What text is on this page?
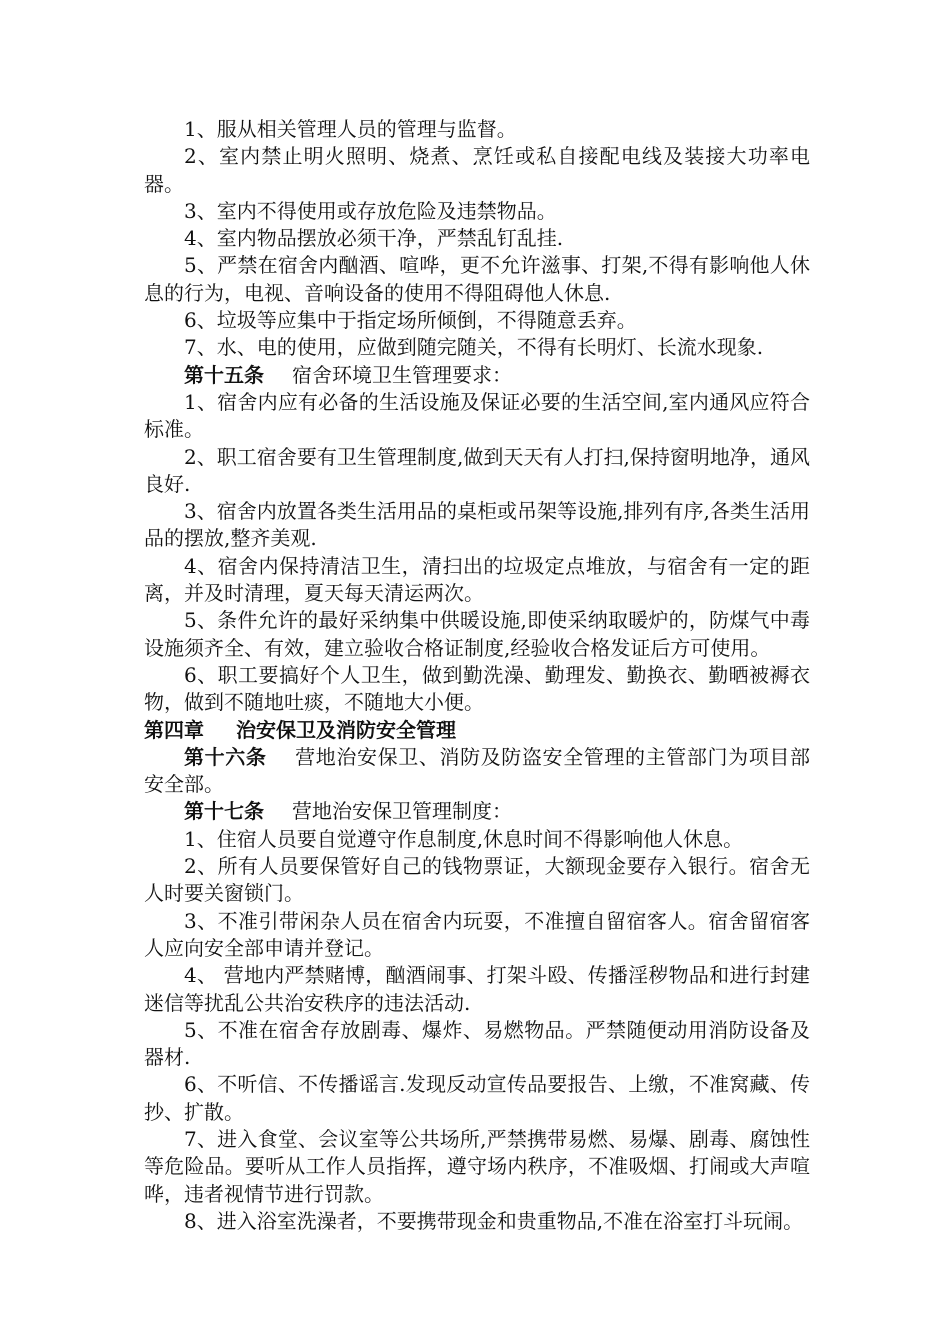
1、服从相关管理人员的管理与监督。

2、室内禁止明火照明、烧煮、烹饪或私自接配电线及装接大功率电器。

3、室内不得使用或存放危险及违禁物品。

4、室内物品摆放必须干净，严禁乱钉乱挂.

5、严禁在宿舍内酗酒、喧哗，更不允许滋事、打架,不得有影响他人休息的行为，电视、音响设备的使用不得阻碍他人休息.

6、垃圾等应集中于指定场所倾倒，不得随意丢弃。

7、水、电的使用，应做到随完随关，不得有长明灯、长流水现象.

第十五条 宿舍环境卫生管理要求：

1、宿舍内应有必备的生活设施及保证必要的生活空间,室内通风应符合标准。

2、职工宿舍要有卫生管理制度,做到天天有人打扫,保持窗明地净，通风良好.

3、宿舍内放置各类生活用品的桌柜或吊架等设施,排列有序,各类生活用品的摆放,整齐美观.

4、宿舍内保持清洁卫生，清扫出的垃圾定点堆放，与宿舍有一定的距离，并及时清理，夏天每天清运两次。

5、条件允许的最好采纳集中供暖设施,即使采纳取暖炉的，防煤气中毒设施须齐全、有效，建立验收合格证制度,经验收合格发证后方可使用。

6、职工要搞好个人卫生，做到勤洗澡、勤理发、勤换衣、勤晒被褥衣物，做到不随地吐痰，不随地大小便。

第四章 治安保卫及消防安全管理

第十六条 营地治安保卫、消防及防盗安全管理的主管部门为项目部安全部。

第十七条 营地治安保卫管理制度：

1、住宿人员要自觉遵守作息制度,休息时间不得影响他人休息。

2、所有人员要保管好自己的钱物票证，大额现金要存入银行。宿舍无人时要关窗锁门。

3、不准引带闲杂人员在宿舍内玩耍，不准擅自留宿客人。宿舍留宿客人应向安全部申请并登记。

4、 营地内严禁赌博，酗酒闹事、打架斗殴、传播淫秽物品和进行封建迷信等扰乱公共治安秩序的违法活动.

5、不准在宿舍存放剧毒、爆炸、易燃物品。严禁随便动用消防设备及器材.

6、不听信、不传播谣言.发现反动宣传品要报告、上缴，不准窝藏、传抄、扩散。

7、进入食堂、会议室等公共场所,严禁携带易燃、易爆、剧毒、腐蚀性等危险品。要听从工作人员指挥，遵守场内秩序，不准吸烟、打闹或大声喧哗，违者视情节进行罚款。

8、进入浴室洗澡者，不要携带现金和贵重物品,不准在浴室打斗玩闹。
